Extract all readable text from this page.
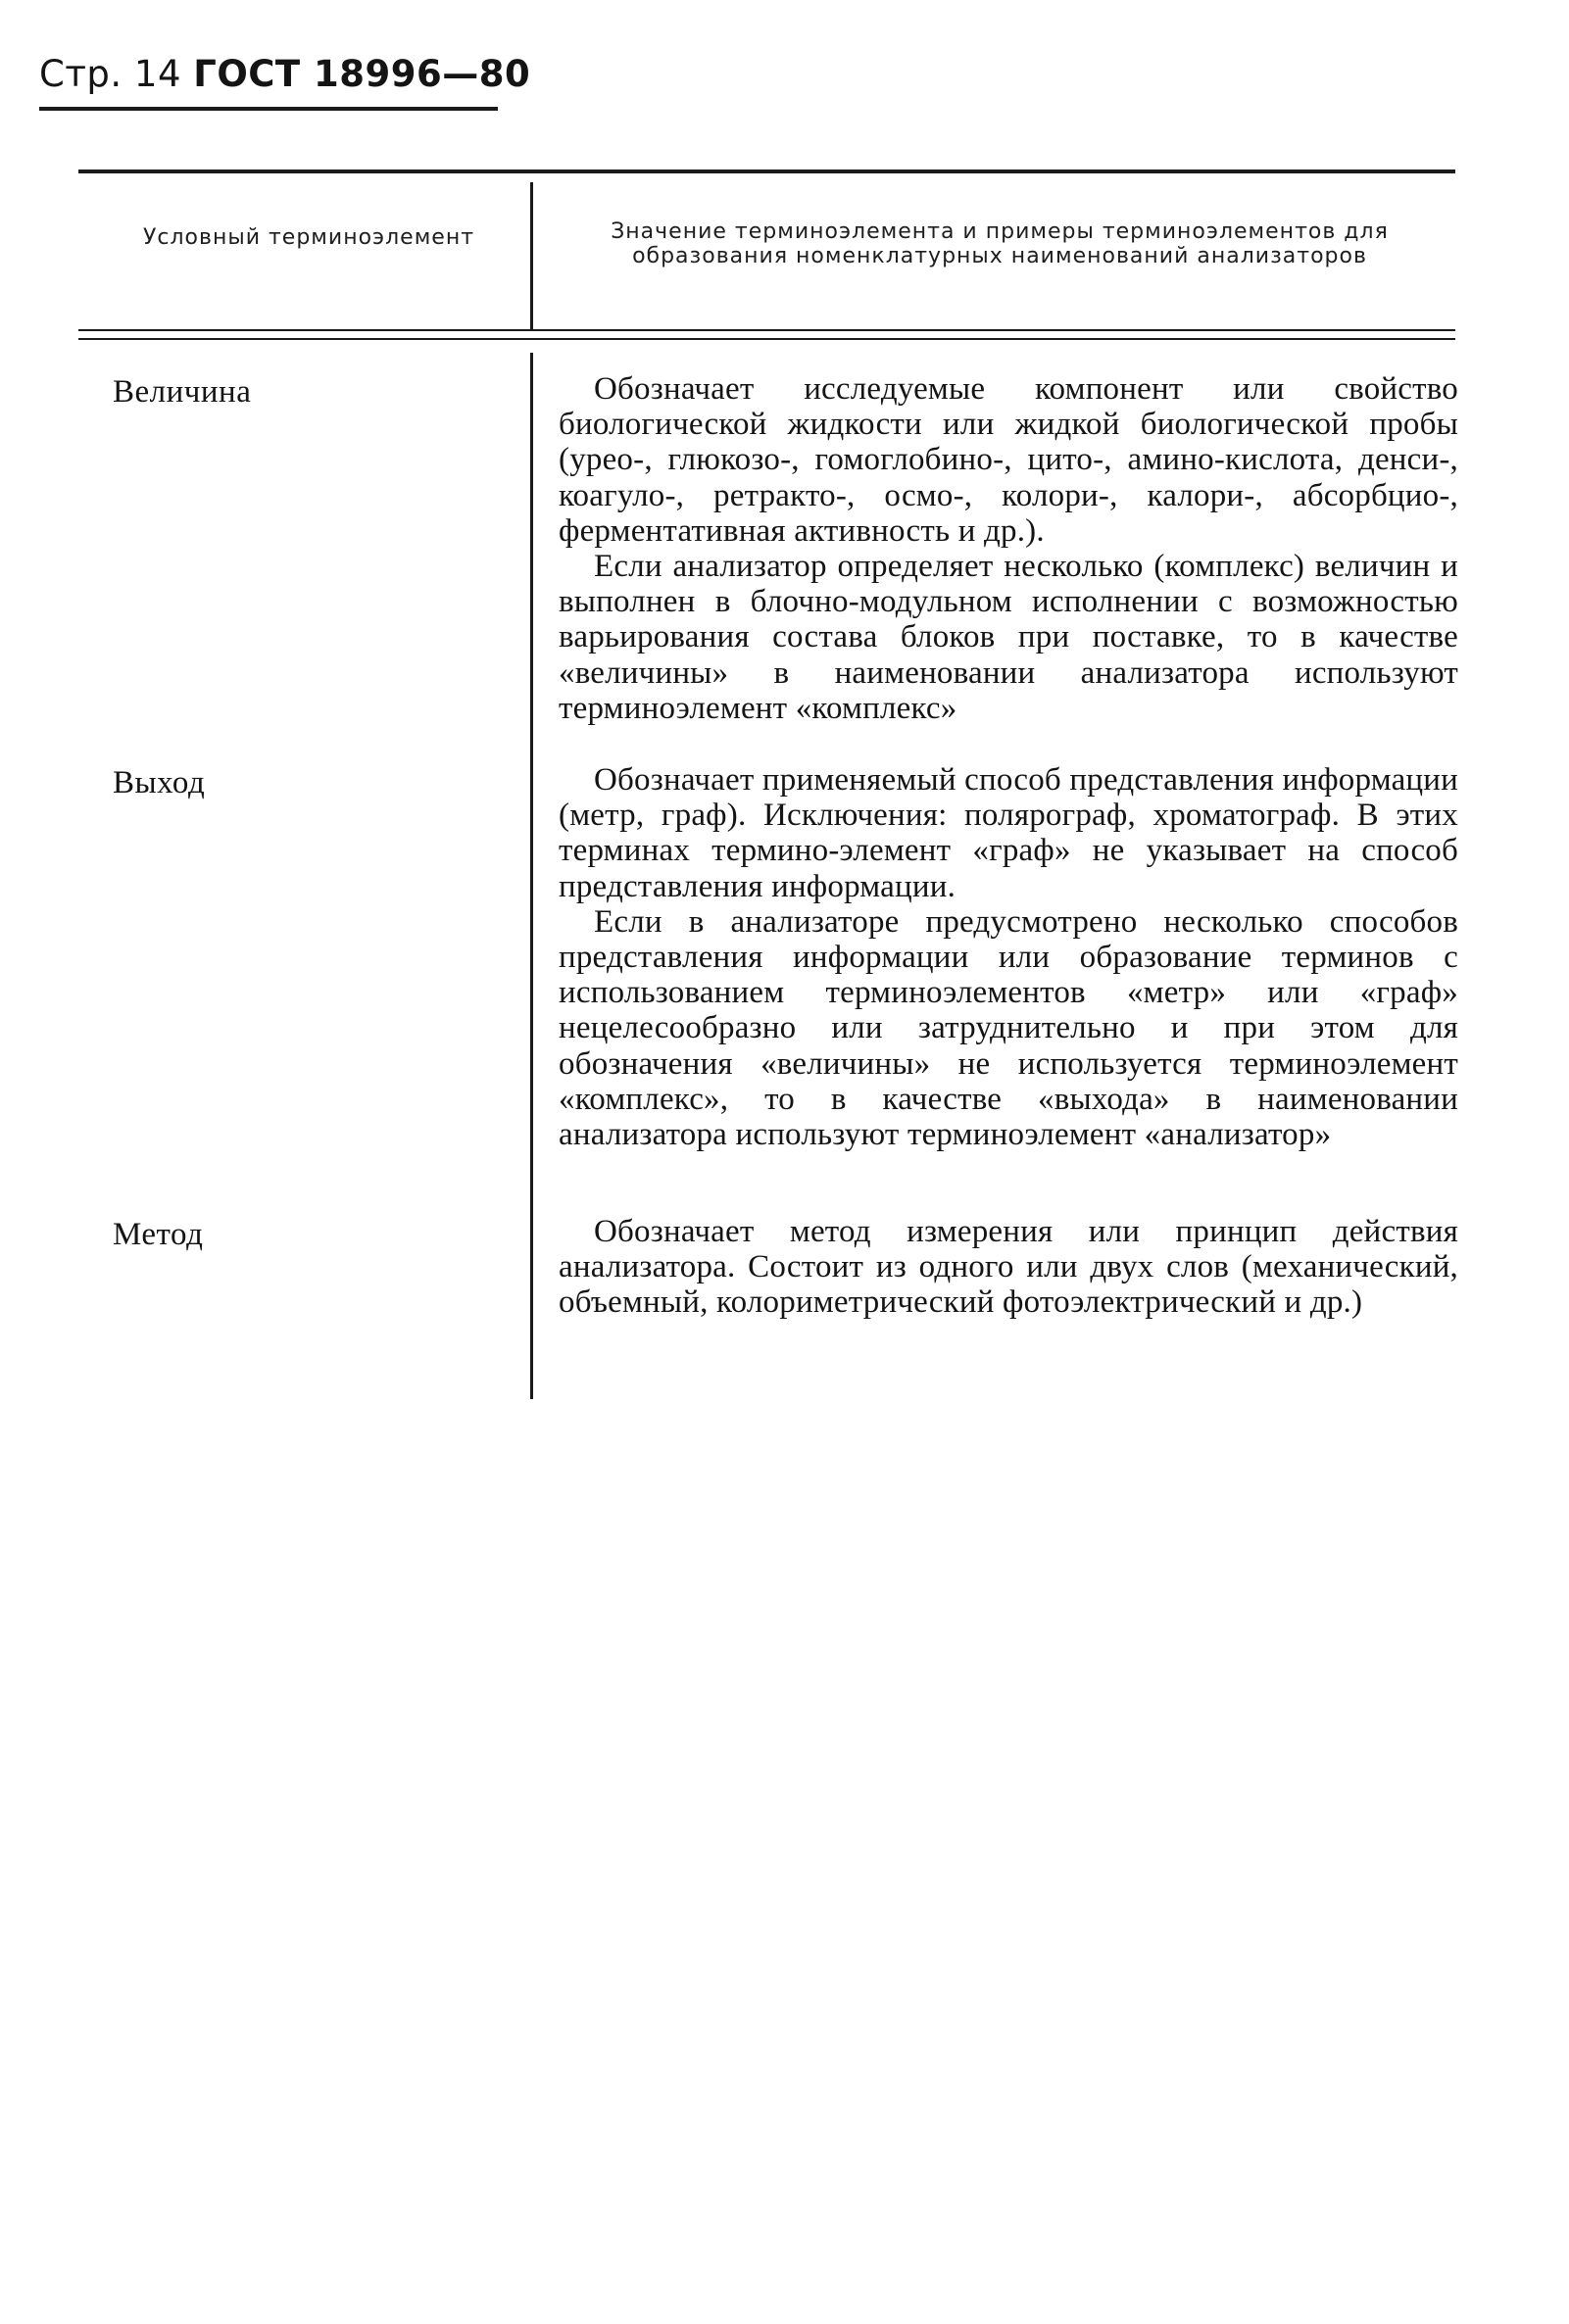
Стр. 14 ГОСТ 18996—80
Условный терминоэлемент	Значение терминоэлемента и примеры терминоэлементов для образования номенклатурных наименований анализаторов
Величина	Обозначает исследуемые компонент или свойство биологической жидкости или жидкой биологической пробы (урео-, глюкозо-, гомоглобино-, цито-, амино-кислота, денси-, коагуло-, ретракто-, осмо-, колори-, калори-, абсорбцио-, ферментативная активность и др.).

Если анализатор определяет несколько (комплекс) величин и выполнен в блочно-модульном исполнении с возможностью варьирования состава блоков при поставке, то в качестве «величины» в наименовании анализатора используют терминоэлемент «комплекс»

Выход	Обозначает применяемый способ представления информации (метр, граф). Исключения: полярограф, хроматограф. В этих терминах термино-элемент «граф» не указывает на способ представления информации.

Если в анализаторе предусмотрено несколько способов представления информации или образование терминов с использованием терминоэлементов «метр» или «граф» нецелесообразно или затруднительно и при этом для обозначения «величины» не используется терминоэлемент «комплекс», то в качестве «выхода» в наименовании анализатора используют терминоэлемент «анализатор»

Метод	Обозначает метод измерения или принцип действия анализатора. Состоит из одного или двух слов (механический, объемный, колориметрический фотоэлектрический и др.)
